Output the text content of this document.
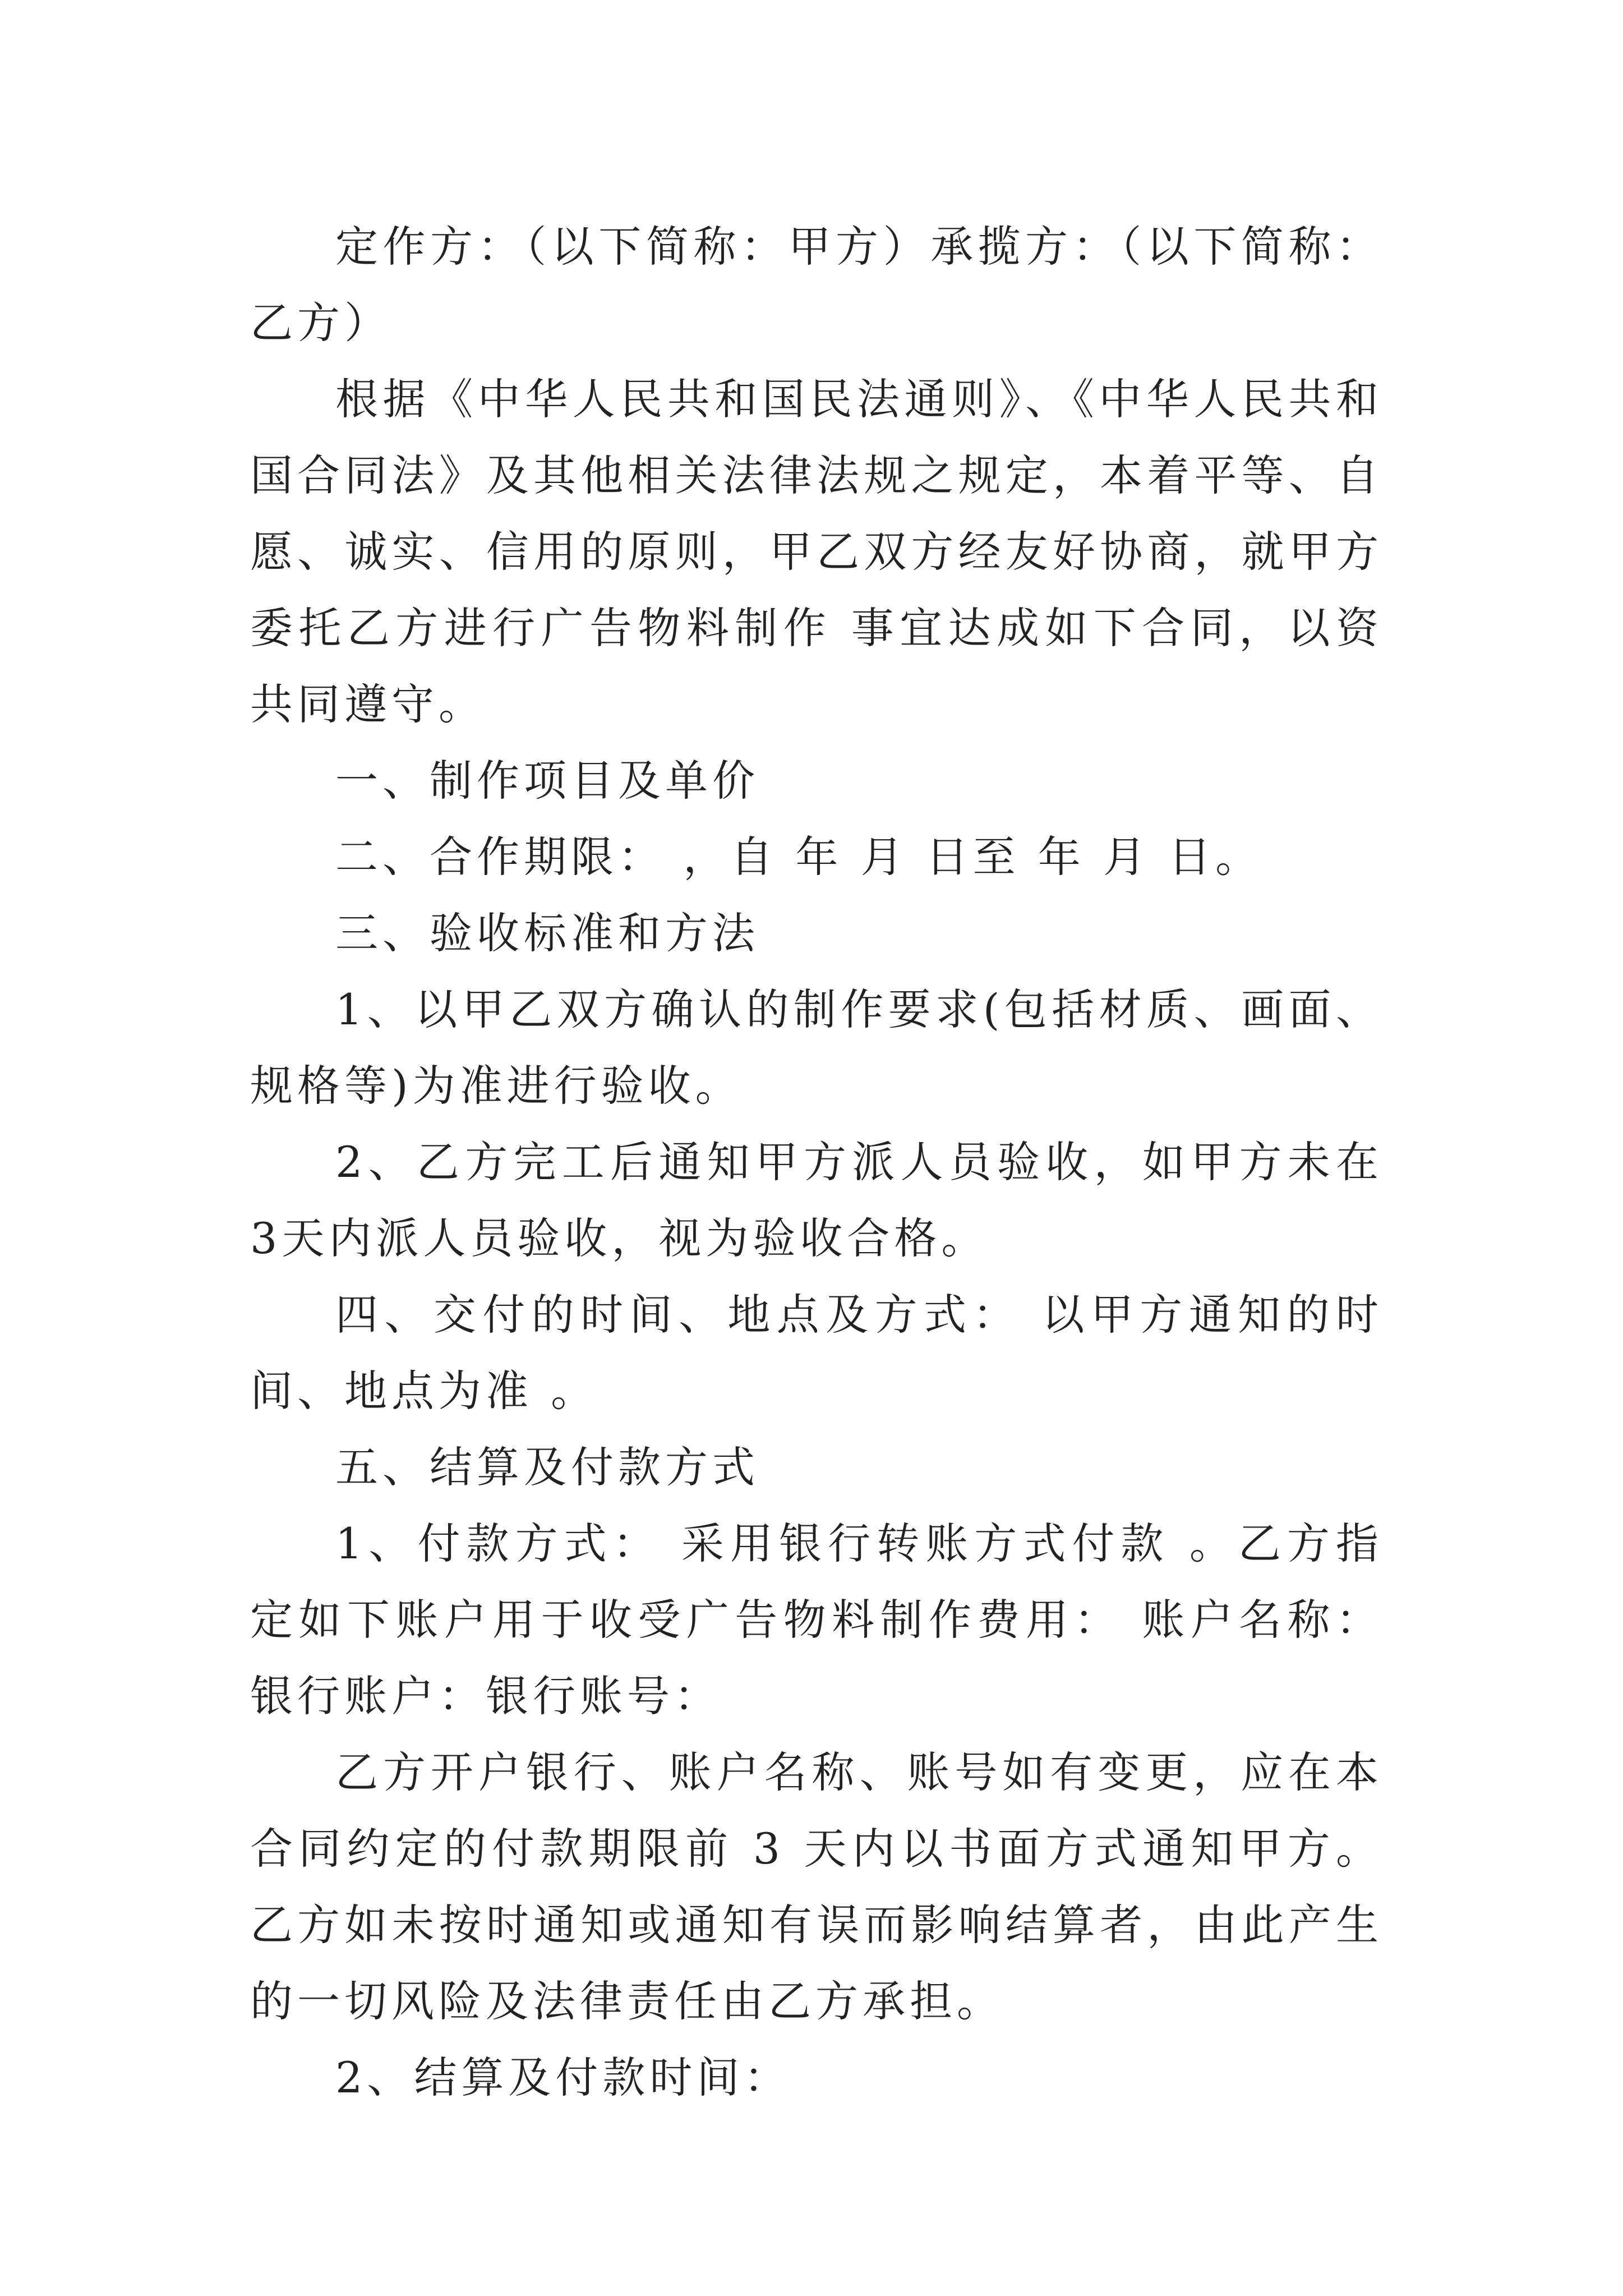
定作方：（以下简称：甲方）承揽方：（以下简称：乙方）

根据《中华人民共和国民法通则》、《中华人民共和国合同法》及其他相关法律法规之规定，本着平等、自愿、诚实、信用的原则，甲乙双方经友好协商，就甲方委托乙方进行广告物料制作 事宜达成如下合同，以资共同遵守。

一、制作项目及单价

二、合作期限： ，自 年 月 日至 年 月 日。

三、验收标准和方法

1、以甲乙双方确认的制作要求(包括材质、画面、规格等)为准进行验收。

2、乙方完工后通知甲方派人员验收，如甲方未在3天内派人员验收，视为验收合格。

四、交付的时间、地点及方式： 以甲方通知的时间、地点为准 。

五、结算及付款方式

1、付款方式： 采用银行转账方式付款 。乙方指定如下账户用于收受广告物料制作费用： 账户名称： 银行账户：银行账号：

乙方开户银行、账户名称、账号如有变更，应在本合同约定的付款期限前 3 天内以书面方式通知甲方。乙方如未按时通知或通知有误而影响结算者，由此产生的一切风险及法律责任由乙方承担。

2、结算及付款时间：
